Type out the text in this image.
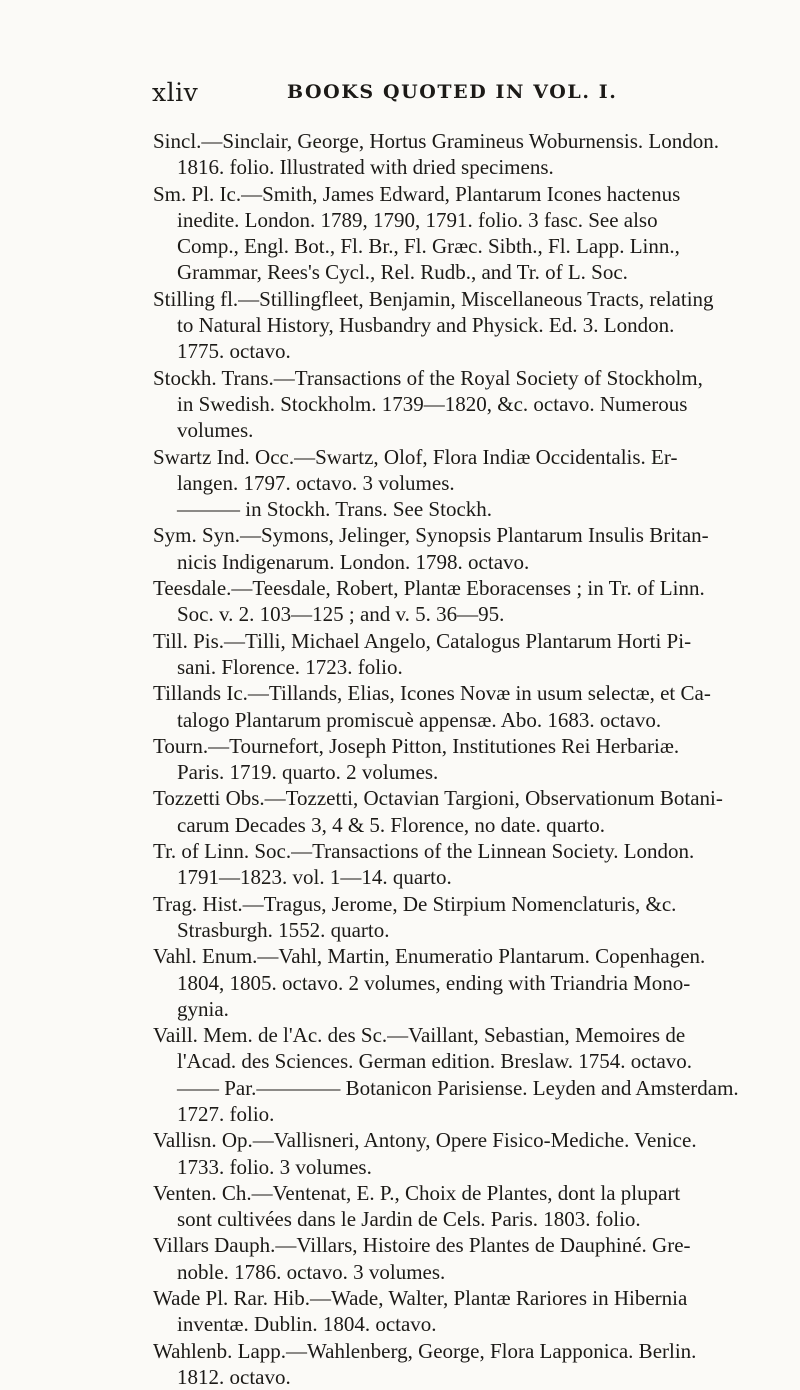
xliv	BOOKS QUOTED IN VOL. I.

Sincl.—Sinclair, George, Hortus Gramineus Woburnensis. London.
1816. folio. Illustrated with dried specimens.

Sm. Pl. Ic.—Smith, James Edward, Plantarum Icones hactenus
inedite. London. 1789, 1790, 1791. folio. 3 fasc. See also
Comp., Engl. Bot., Fl. Br., Fl. Græc. Sibth., Fl. Lapp. Linn.,
Grammar, Rees's Cycl., Rel. Rudb., and Tr. of L. Soc.

Stilling fl.—Stillingfleet, Benjamin, Miscellaneous Tracts, relating
to Natural History, Husbandry and Physick. Ed. 3. London.
1775. octavo.

Stockh. Trans.—Transactions of the Royal Society of Stockholm,
in Swedish. Stockholm. 1739—1820, &c. octavo. Numerous
volumes.

Swartz Ind. Occ.—Swartz, Olof, Flora Indiæ Occidentalis. Er-
langen. 1797. octavo. 3 volumes.
——— in Stockh. Trans. See Stockh.

Sym. Syn.—Symons, Jelinger, Synopsis Plantarum Insulis Britan-
nicis Indigenarum. London. 1798. octavo.

Teesdale.—Teesdale, Robert, Plantæ Eboracenses ; in Tr. of Linn.
Soc. v. 2. 103—125 ; and v. 5. 36—95.

Till. Pis.—Tilli, Michael Angelo, Catalogus Plantarum Horti Pi-
sani. Florence. 1723. folio.

Tillands Ic.—Tillands, Elias, Icones Novæ in usum selectæ, et Ca-
talogo Plantarum promiscuè appensæ. Abo. 1683. octavo.

Tourn.—Tournefort, Joseph Pitton, Institutiones Rei Herbariæ.
Paris. 1719. quarto. 2 volumes.

Tozzetti Obs.—Tozzetti, Octavian Targioni, Observationum Botani-
carum Decades 3, 4 & 5. Florence, no date. quarto.

Tr. of Linn. Soc.—Transactions of the Linnean Society. London.
1791—1823. vol. 1—14. quarto.

Trag. Hist.—Tragus, Jerome, De Stirpium Nomenclaturis, &c.
Strasburgh. 1552. quarto.

Vahl. Enum.—Vahl, Martin, Enumeratio Plantarum. Copenhagen.
1804, 1805. octavo. 2 volumes, ending with Triandria Mono-
gynia.

Vaill. Mem. de l'Ac. des Sc.—Vaillant, Sebastian, Memoires de
l'Acad. des Sciences. German edition. Breslaw. 1754. octavo.
—— Par.———— Botanicon Parisiense. Leyden and Amsterdam.
1727. folio.

Vallisn. Op.—Vallisneri, Antony, Opere Fisico-Mediche. Venice.
1733. folio. 3 volumes.

Venten. Ch.—Ventenat, E. P., Choix de Plantes, dont la plupart
sont cultivées dans le Jardin de Cels. Paris. 1803. folio.

Villars Dauph.—Villars, Histoire des Plantes de Dauphiné. Gre-
noble. 1786. octavo. 3 volumes.

Wade Pl. Rar. Hib.—Wade, Walter, Plantæ Rariores in Hibernia
inventæ. Dublin. 1804. octavo.

Wahlenb. Lapp.—Wahlenberg, George, Flora Lapponica. Berlin.
1812. octavo.
